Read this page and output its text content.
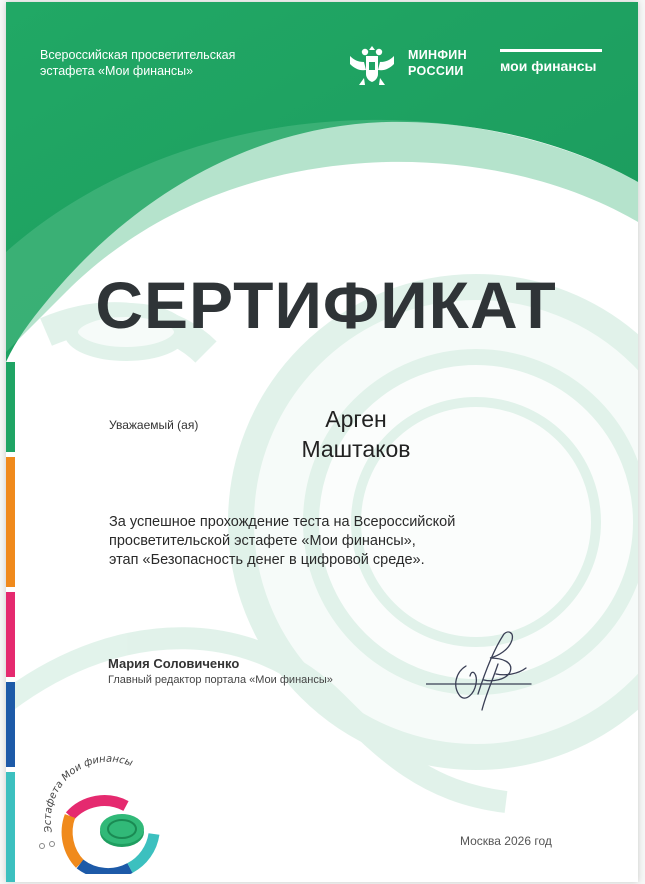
Всероссийская просветительская
эстафета «Мои финансы»
МИНФИН
РОССИИ	мои финансы
СЕРТИФИКАТ
Уважаемый (ая)	Арген
Маштаков
За успешное прохождение теста на Всероссийской
просветительской эстафете «Мои финансы»,
этап «Безопасность денег в цифровой среде».
Мария Соловиченко
Главный редактор портала «Мои финансы»
Эстафета Мои финансы
Москва 2026 год
